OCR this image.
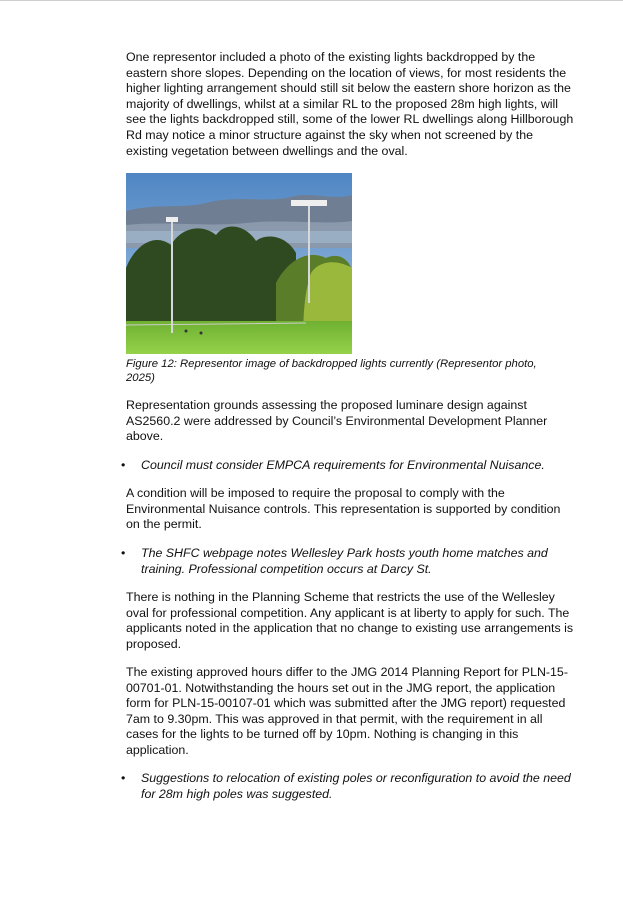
One representor included a photo of the existing lights backdropped by the eastern shore slopes. Depending on the location of views, for most residents the higher lighting arrangement should still sit below the eastern shore horizon as the majority of dwellings, whilst at a similar RL to the proposed 28m high lights, will see the lights backdropped still, some of the lower RL dwellings along Hillborough Rd may notice a minor structure against the sky when not screened by the existing vegetation between dwellings and the oval.

Figure 12: Representor image of backdropped lights currently (Representor photo, 2025)

Representation grounds assessing the proposed luminare design against AS2560.2 were addressed by Council’s Environmental Development Planner above.

•	Council must consider EMPCA requirements for Environmental Nuisance.

A condition will be imposed to require the proposal to comply with the Environmental Nuisance controls. This representation is supported by condition on the permit.

•	The SHFC webpage notes Wellesley Park hosts youth home matches and training. Professional competition occurs at Darcy St.

There is nothing in the Planning Scheme that restricts the use of the Wellesley oval for professional competition. Any applicant is at liberty to apply for such. The applicants noted in the application that no change to existing use arrangements is proposed.

The existing approved hours differ to the JMG 2014 Planning Report for PLN-15-00701-01. Notwithstanding the hours set out in the JMG report, the application form for PLN-15-00107-01 which was submitted after the JMG report) requested 7am to 9.30pm. This was approved in that permit, with the requirement in all cases for the lights to be turned off by 10pm. Nothing is changing in this application.

•	Suggestions to relocation of existing poles or reconfiguration to avoid the need for 28m high poles was suggested.
